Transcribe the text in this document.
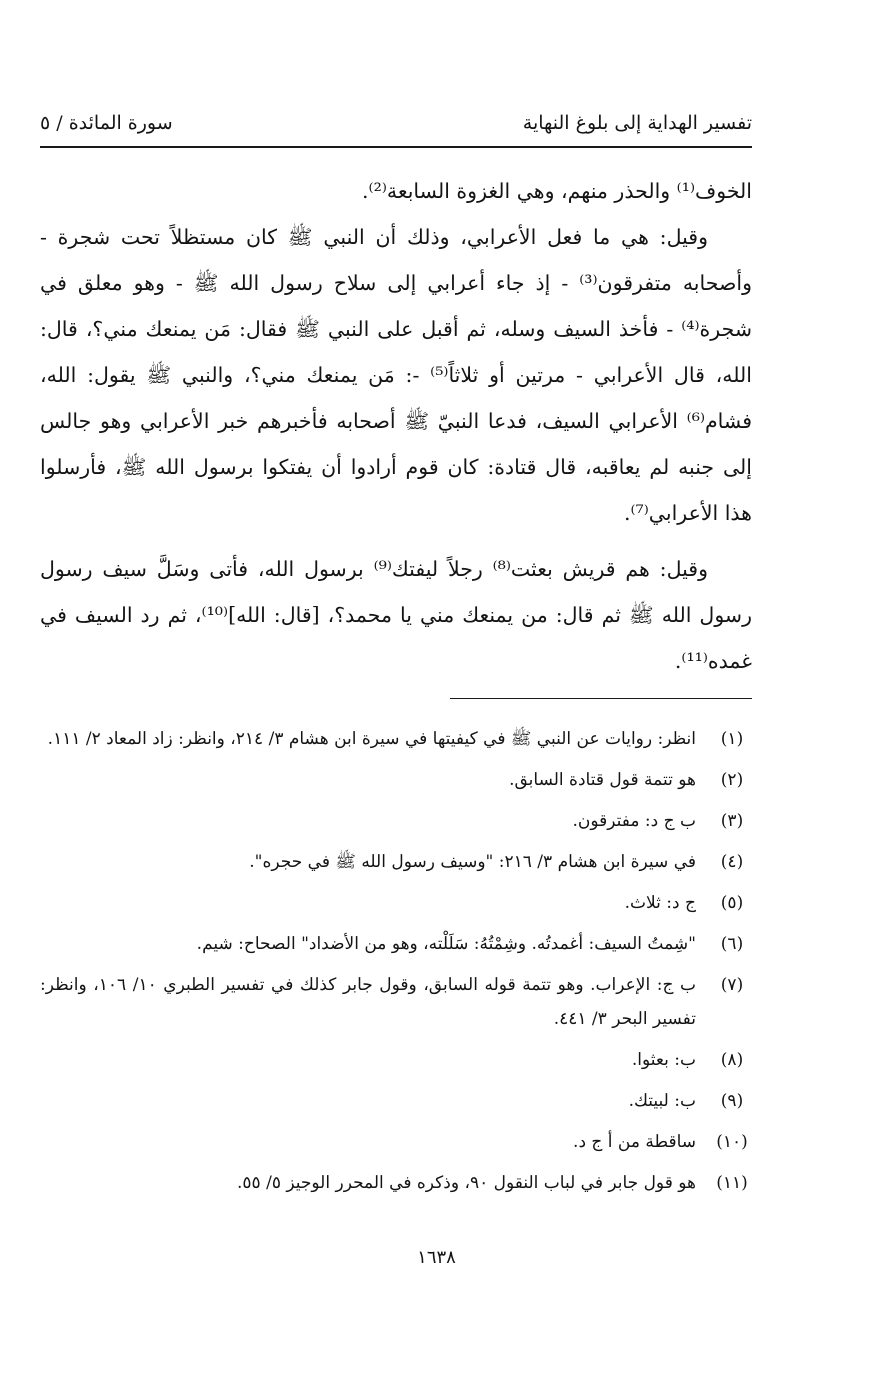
تفسير الهداية إلى بلوغ النهاية
سورة المائدة / ٥

الخوف⁽¹⁾ والحذر منهم، وهي الغزوة السابعة⁽²⁾.

وقيل: هي ما فعل الأعرابي، وذلك أن النبي ﷺ كان مستظلاً تحت شجرة - وأصحابه متفرقون⁽³⁾ - إذ جاء أعرابي إلى سلاح رسول الله ﷺ - وهو معلق في شجرة⁽⁴⁾ - فأخذ السيف وسله، ثم أقبل على النبي ﷺ فقال: مَن يمنعك مني؟، قال: الله، قال الأعرابي - مرتين أو ثلاثاً⁽⁵⁾ -: مَن يمنعك مني؟، والنبي ﷺ يقول: الله، فشام⁽⁶⁾ الأعرابي السيف، فدعا النبيّ ﷺ أصحابه فأخبرهم خبر الأعرابي وهو جالس إلى جنبه لم يعاقبه، قال قتادة: كان قوم أرادوا أن يفتكوا برسول الله ﷺ، فأرسلوا هذا الأعرابي⁽⁷⁾.

وقيل: هم قريش بعثت⁽⁸⁾ رجلاً ليفتك⁽⁹⁾ برسول الله، فأتى وسَلَّ سيف رسول رسول الله ﷺ ثم قال: من يمنعك مني يا محمد؟، [قال: الله]⁽¹⁰⁾، ثم رد السيف في غمده⁽¹¹⁾.

(١)
انظر: روايات عن النبي ﷺ في كيفيتها في سيرة ابن هشام ٣/ ٢١٤، وانظر: زاد المعاد ٢/ ١١١.
(٢)
هو تتمة قول قتادة السابق.
(٣)
ب ج د: مفترقون.
(٤)
في سيرة ابن هشام ٣/ ٢١٦: "وسيف رسول الله ﷺ في حجره".
(٥)
ج د: ثلاث.
(٦)
"شِمتُ السيف: أغمدتُه. وشِمْتُهُ: سَلَلْته، وهو من الأضداد" الصحاح: شيم.
(٧)
ب ج: الإعراب. وهو تتمة قوله السابق، وقول جابر كذلك في تفسير الطبري ١٠/ ١٠٦، وانظر: تفسير البحر ٣/ ٤٤١.
(٨)
ب: بعثوا.
(٩)
ب: لبيتك.
(١٠)
ساقطة من أ ج د.
(١١)
هو قول جابر في لباب النقول ٩٠، وذكره في المحرر الوجيز ٥/ ٥٥.
١٦٣٨
